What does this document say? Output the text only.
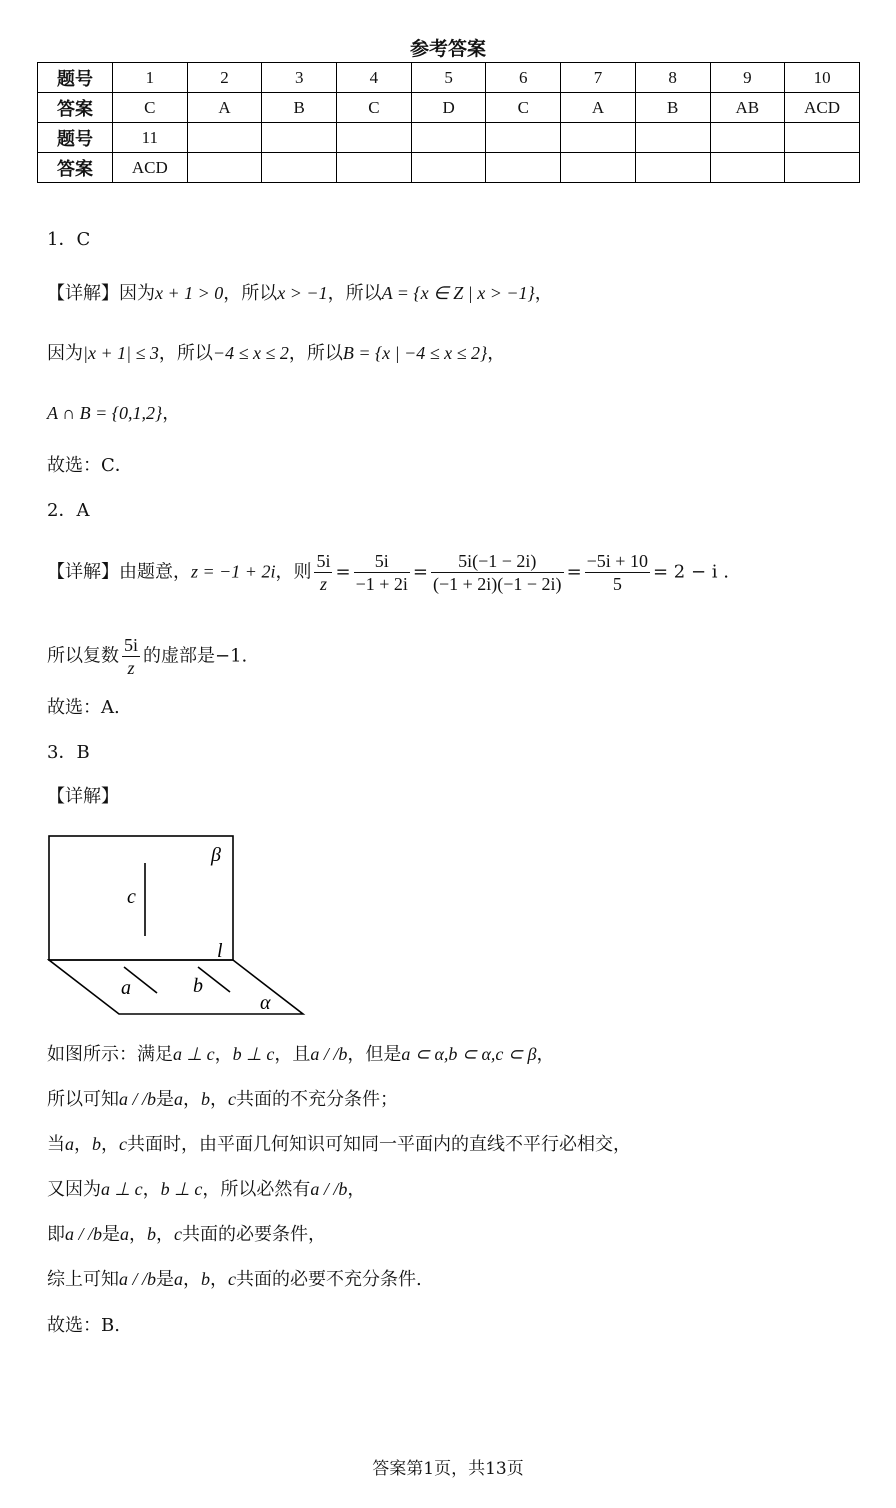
参考答案
题号	1	2	3	4	5	6	7	8	9	10
答案	C	A	B	C	D	C	A	B	AB	ACD
题号	11									
答案	ACD									
1．C
【详解】因为x + 1 > 0，所以x > −1，所以A = {x ∈ Z | x > −1}，
因为|x + 1| ≤ 3，所以−4 ≤ x ≤ 2，所以B = {x | −4 ≤ x ≤ 2}，
A ∩ B = {0,1,2}，
故选：C．
2．A
【详解】由题意，z = −1 + 2i，则 $\frac{5i}{z} = \frac{5i}{-1 + 2i} = \frac{5i(-1 - 2i)}{(-1 + 2i)(-1 - 2i)} = \frac{-5i + 10}{5} = 2 - i$ .
所以复数 $\frac{5i}{z}$ 的虚部是−1.
故选：A.
3．B
【详解】
β
c
l
a	b
α
如图所示：满足a ⊥ c，b ⊥ c，且a / /b，但是a ⊂ α,b ⊂ α,c ⊂ β，
所以可知a / /b是a，b，c共面的不充分条件；
当a，b，c共面时，由平面几何知识可知同一平面内的直线不平行必相交，
又因为a ⊥ c，b ⊥ c，所以必然有a / /b，
即a / /b是a，b，c共面的必要条件，
综上可知a / /b是a，b，c共面的必要不充分条件.
故选：B.
答案第1页，共13页
